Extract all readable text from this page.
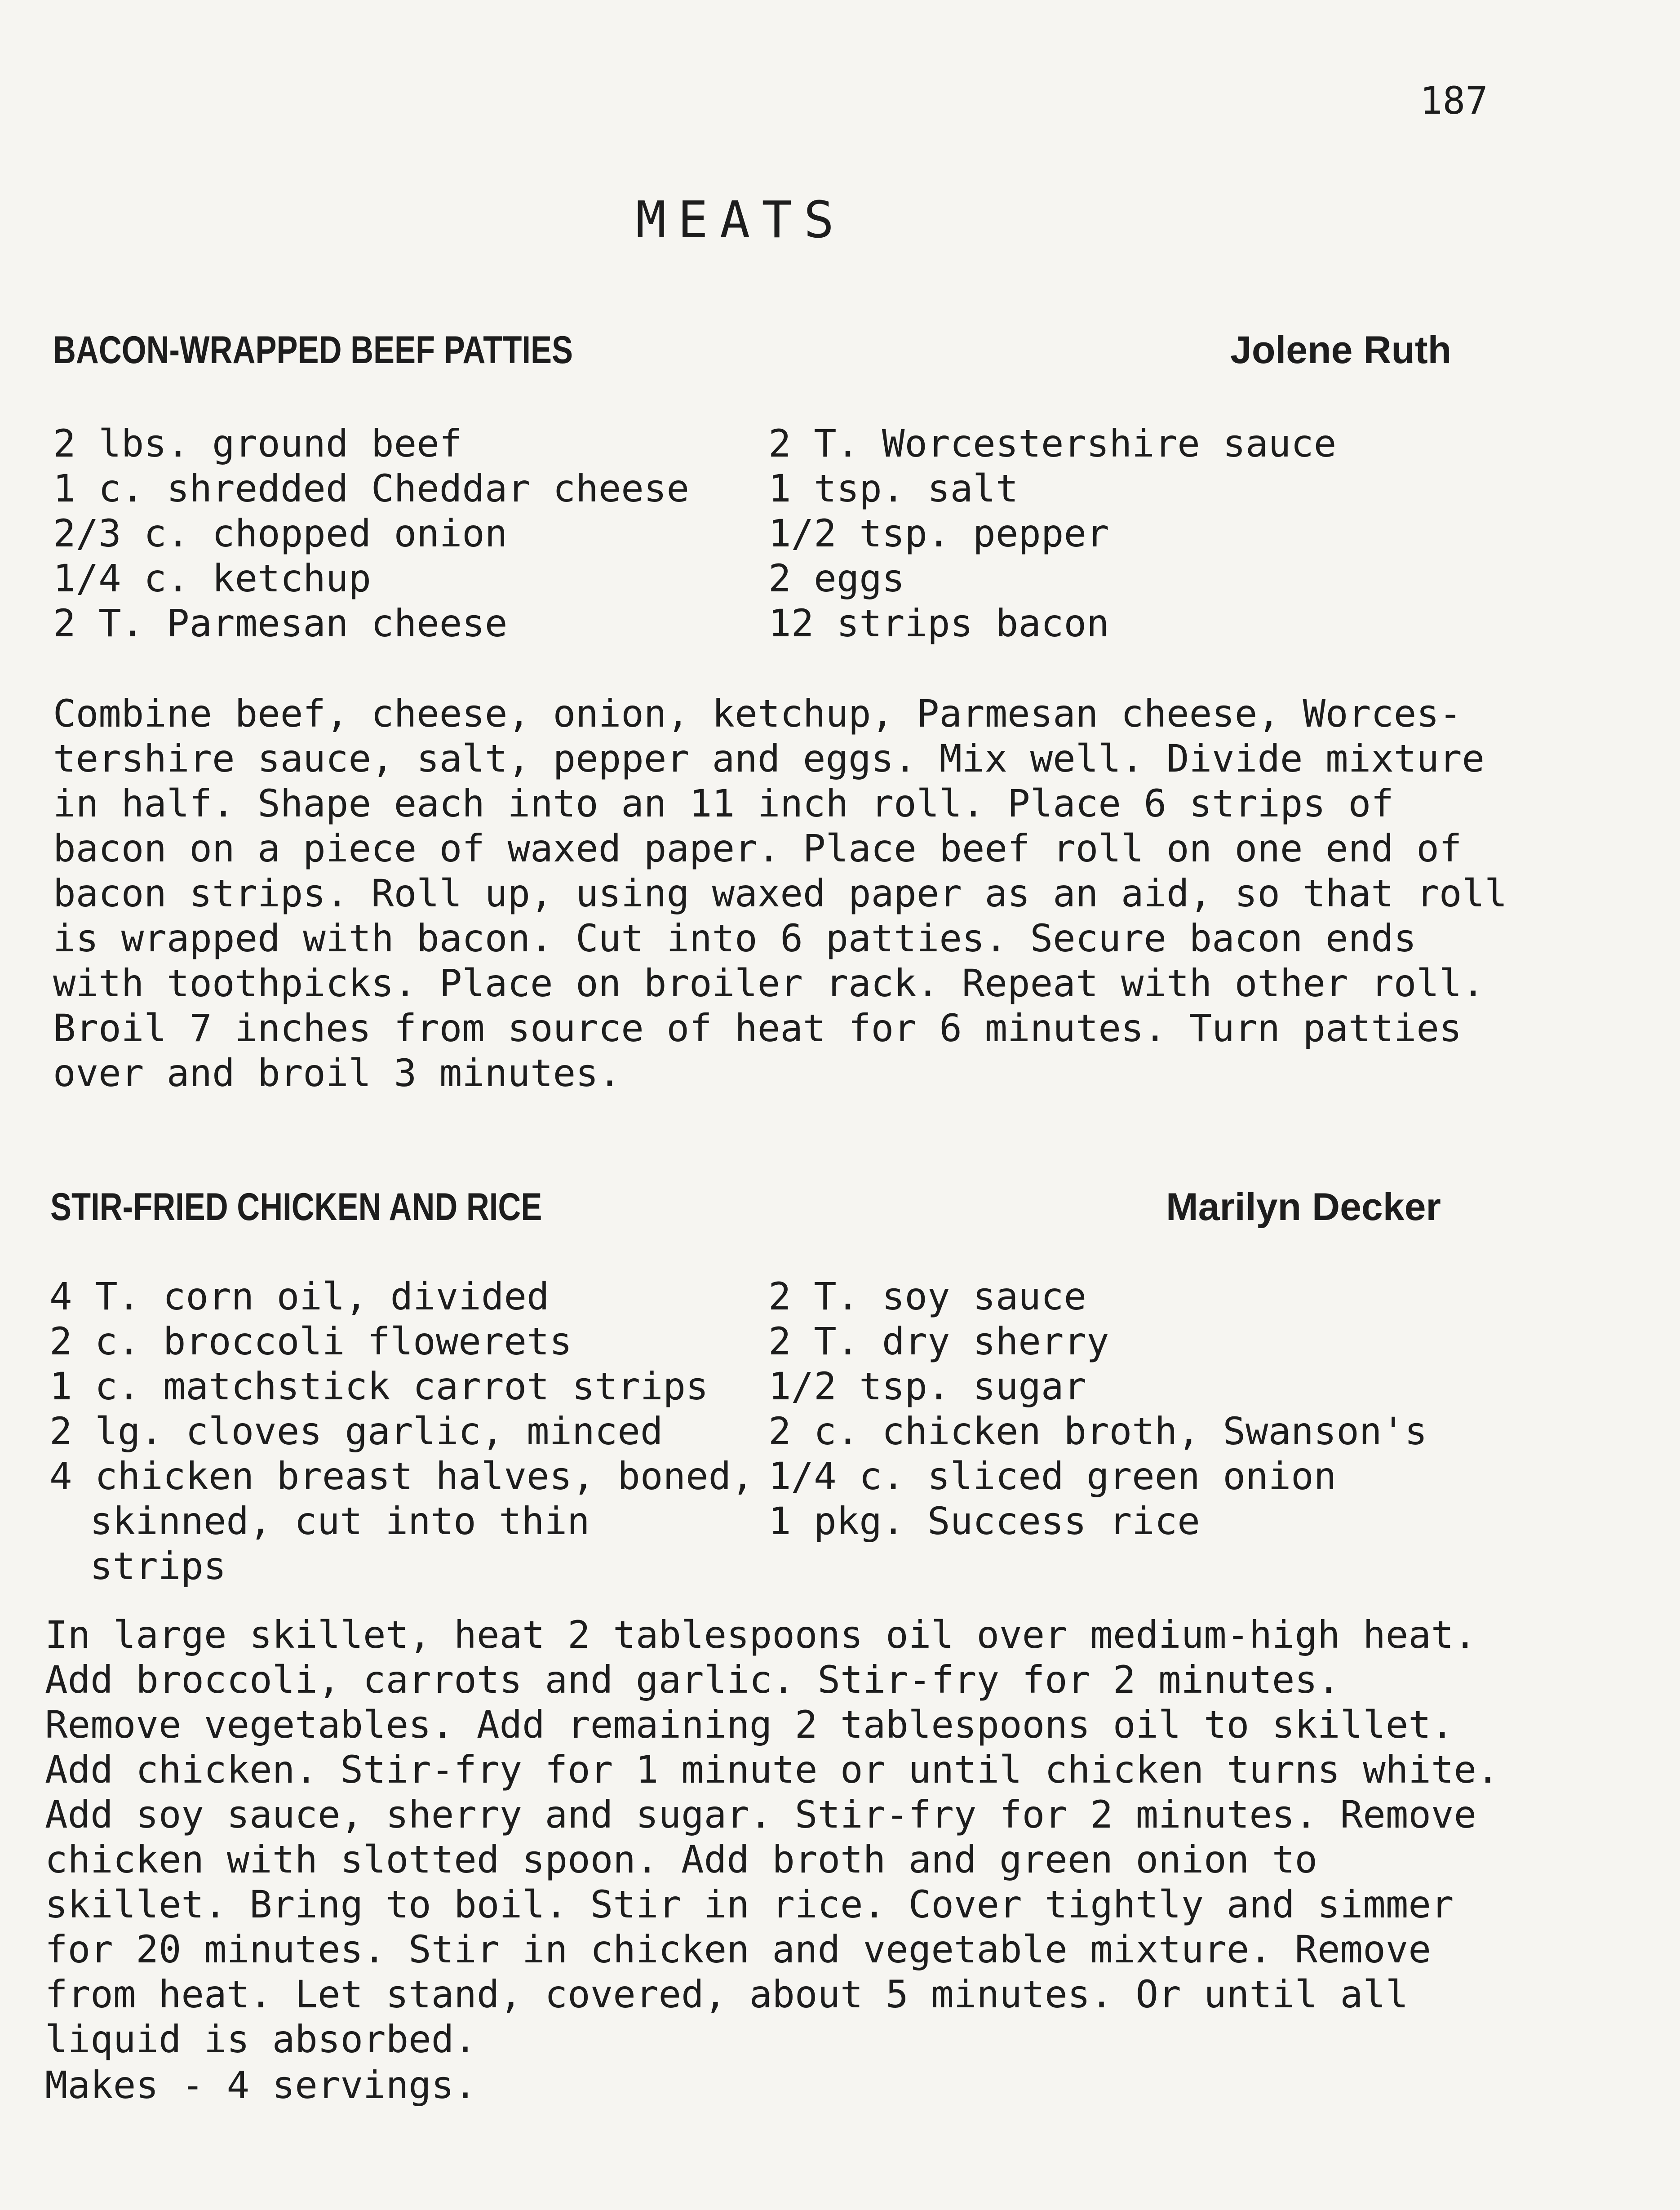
187
MEATS
BACON-WRAPPED BEEF PATTIES	Jolene Ruth
2 lbs. ground beef
1 c. shredded Cheddar cheese
2/3 c. chopped onion
1/4 c. ketchup
2 T. Parmesan cheese
2 T. Worcestershire sauce
1 tsp. salt
1/2 tsp. pepper
2 eggs
12 strips bacon

Combine beef, cheese, onion, ketchup, Parmesan cheese, Worces-
tershire sauce, salt, pepper and eggs. Mix well. Divide mixture
in half. Shape each into an 11 inch roll. Place 6 strips of
bacon on a piece of waxed paper. Place beef roll on one end of
bacon strips. Roll up, using waxed paper as an aid, so that roll
is wrapped with bacon. Cut into 6 patties. Secure bacon ends
with toothpicks. Place on broiler rack. Repeat with other roll.
Broil 7 inches from source of heat for 6 minutes. Turn patties
over and broil 3 minutes.

STIR-FRIED CHICKEN AND RICE	Marilyn Decker
4 T. corn oil, divided
2 c. broccoli flowerets
1 c. matchstick carrot strips
2 lg. cloves garlic, minced
4 chicken breast halves, boned,
skinned, cut into thin
strips
2 T. soy sauce
2 T. dry sherry
1/2 tsp. sugar
2 c. chicken broth, Swanson's
1/4 c. sliced green onion
1 pkg. Success rice

In large skillet, heat 2 tablespoons oil over medium-high heat.
Add broccoli, carrots and garlic. Stir-fry for 2 minutes.
Remove vegetables. Add remaining 2 tablespoons oil to skillet.
Add chicken. Stir-fry for 1 minute or until chicken turns white.
Add soy sauce, sherry and sugar. Stir-fry for 2 minutes. Remove
chicken with slotted spoon. Add broth and green onion to
skillet. Bring to boil. Stir in rice. Cover tightly and simmer
for 20 minutes. Stir in chicken and vegetable mixture. Remove
from heat. Let stand, covered, about 5 minutes. Or until all
liquid is absorbed.

Makes - 4 servings.
